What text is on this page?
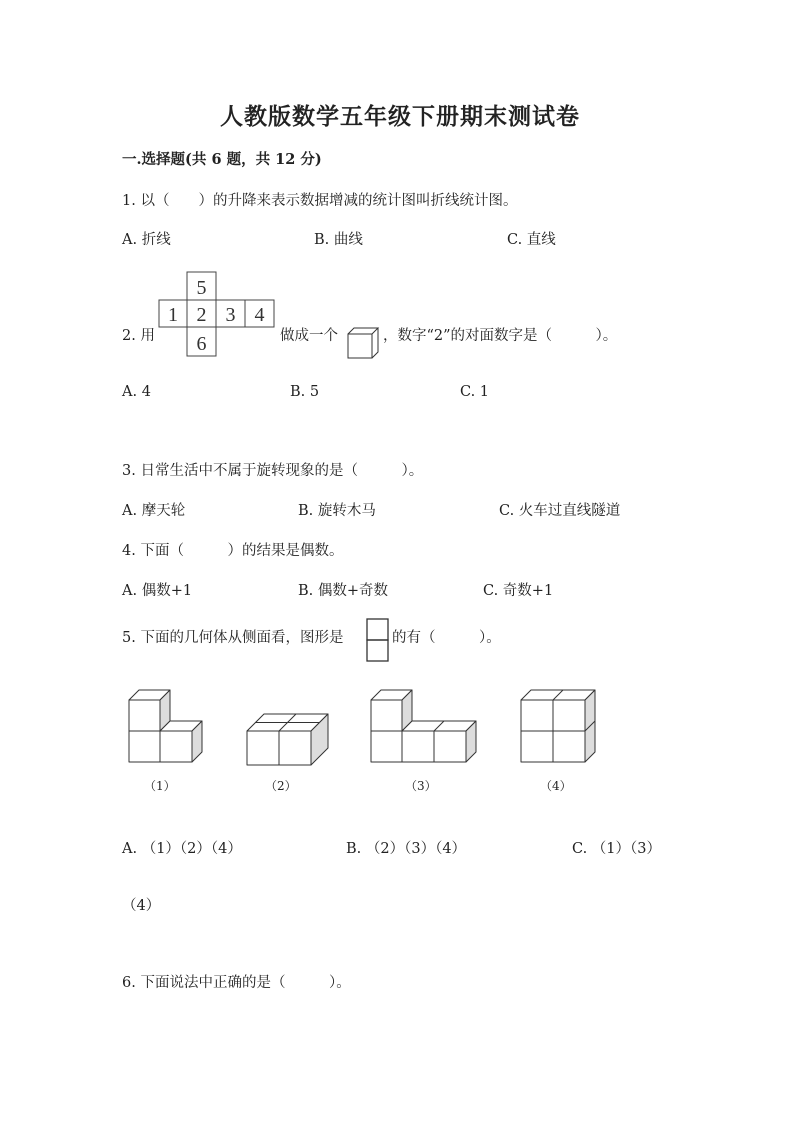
人教版数学五年级下册期末测试卷
一.选择题(共 6 题，共 12 分)
1. 以（　　）的升降来表示数据增减的统计图叫折线统计图。
A. 折线	B. 曲线	C. 直线
2. 用
5
1 2 3 4
6	做成一个	，数字“2”的对面数字是（　　　）。
A. 4	B. 5	C. 1
3. 日常生活中不属于旋转现象的是（　　　）。
A. 摩天轮	B. 旋转木马	C. 火车过直线隧道
4. 下面（　　　）的结果是偶数。
A. 偶数+1	B. 偶数+奇数	C. 奇数+1
5. 下面的几何体从侧面看，图形是	的有（　　　）。
（1）	（2）	（3）	（4）
A. （1）（2）（4）	B. （2）（3）（4）	C. （1）（3）
（4）
6. 下面说法中正确的是（　　　）。
